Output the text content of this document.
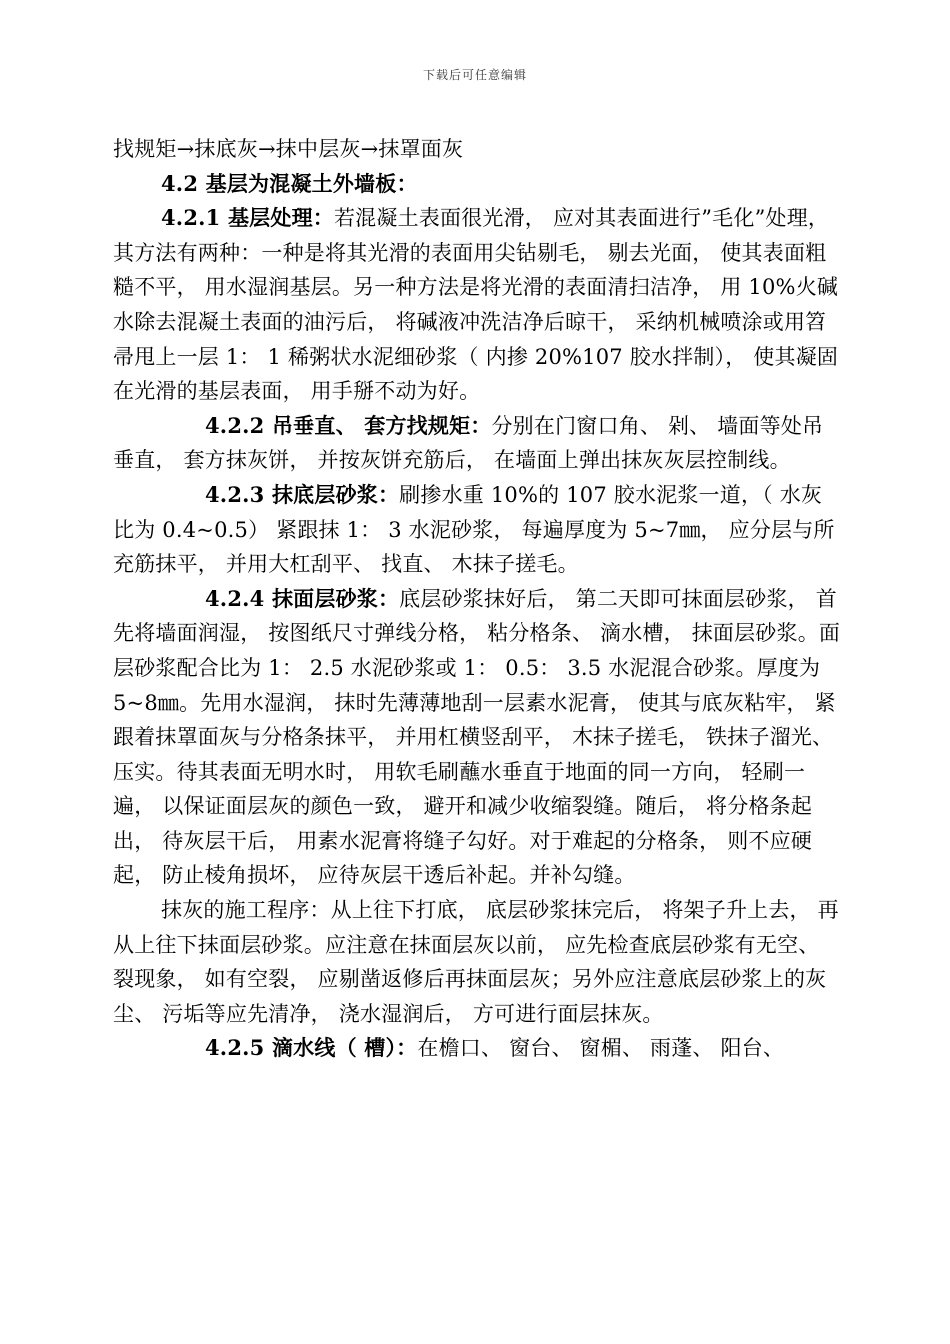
下载后可任意编辑

找规矩→抹底灰→抹中层灰→抹罩面灰

4.2 基层为混凝土外墙板：

4.2.1 基层处理：若混凝土表面很光滑， 应对其表面进行”毛化”处理， 其方法有两种：一种是将其光滑的表面用尖钻剔毛， 剔去光面， 使其表面粗糙不平， 用水湿润基层。另一种方法是将光滑的表面清扫洁净， 用 10%火碱水除去混凝土表面的油污后， 将碱液冲洗洁净后晾干， 采纳机械喷涂或用笤帚甩上一层 1： 1 稀粥状水泥细砂浆（ 内掺 20%107 胶水拌制）， 使其凝固在光滑的基层表面， 用手掰不动为好。

4.2.2 吊垂直、 套方找规矩：分别在门窗口角、 剁、 墙面等处吊垂直， 套方抹灰饼， 并按灰饼充筋后， 在墙面上弹出抹灰灰层控制线。

4.2.3 抹底层砂浆：刷掺水重 10%的 107 胶水泥浆一道，（ 水灰比为 0.4~0.5） 紧跟抹 1： 3 水泥砂浆， 每遍厚度为 5~7㎜， 应分层与所充筋抹平， 并用大杠刮平、 找直、 木抹子搓毛。

4.2.4 抹面层砂浆：底层砂浆抹好后， 第二天即可抹面层砂浆， 首先将墙面润湿， 按图纸尺寸弹线分格， 粘分格条、 滴水槽， 抹面层砂浆。面层砂浆配合比为 1： 2.5 水泥砂浆或 1： 0.5： 3.5 水泥混合砂浆。厚度为 5~8㎜。先用水湿润， 抹时先薄薄地刮一层素水泥膏， 使其与底灰粘牢， 紧跟着抹罩面灰与分格条抹平， 并用杠横竖刮平， 木抹子搓毛， 铁抹子溜光、 压实。待其表面无明水时， 用软毛刷蘸水垂直于地面的同一方向， 轻刷一遍， 以保证面层灰的颜色一致， 避开和减少收缩裂缝。随后， 将分格条起出， 待灰层干后， 用素水泥膏将缝子勾好。对于难起的分格条， 则不应硬起， 防止棱角损坏， 应待灰层干透后补起。并补勾缝。

抹灰的施工程序：从上往下打底， 底层砂浆抹完后， 将架子升上去， 再从上往下抹面层砂浆。应注意在抹面层灰以前， 应先检查底层砂浆有无空、 裂现象， 如有空裂， 应剔凿返修后再抹面层灰；另外应注意底层砂浆上的灰尘、 污垢等应先清净， 浇水湿润后， 方可进行面层抹灰。

4.2.5 滴水线（ 槽）：在檐口、 窗台、 窗楣、 雨蓬、 阳台、
